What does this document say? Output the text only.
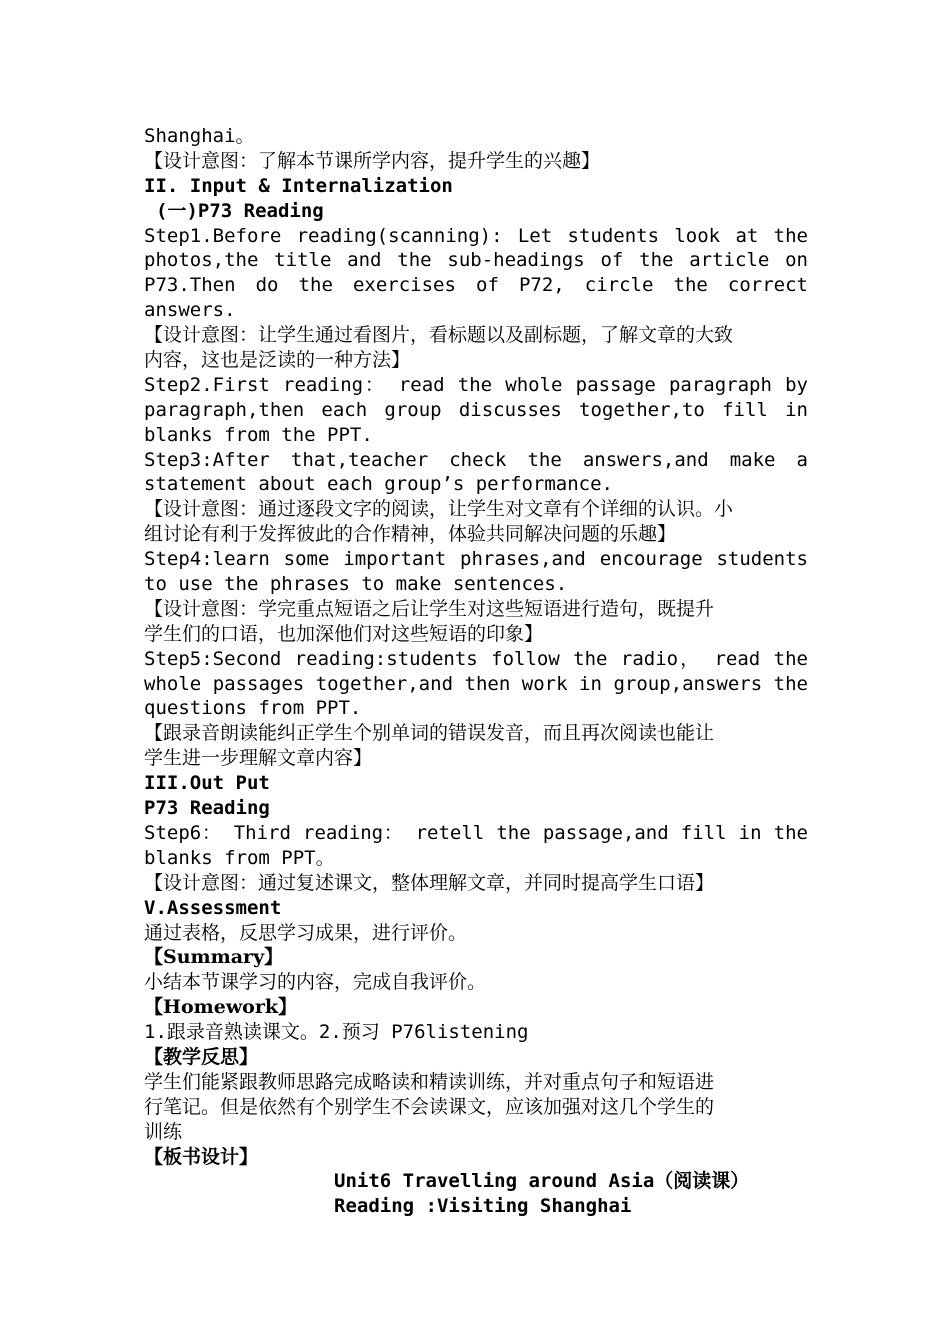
Shanghai。
【设计意图：了解本节课所学内容，提升学生的兴趣】
II. Input & Internalization
(一)P73 Reading
Step1.Before reading(scanning): Let students look at the
photos,the title and the sub-headings of the article on
P73.Then do the exercises of P72, circle the correct
answers.
【设计意图：让学生通过看图片，看标题以及副标题，了解文章的大致
内容，这也是泛读的一种方法】
Step2.First reading： read the whole passage paragraph by
paragraph,then each group discusses together,to fill in
blanks from the PPT.
Step3:After that,teacher check the answers,and make a
statement about each group’s performance.
【设计意图：通过逐段文字的阅读，让学生对文章有个详细的认识。小
组讨论有利于发挥彼此的合作精神，体验共同解决问题的乐趣】
Step4:learn some important phrases,and encourage students
to use the phrases to make sentences.
【设计意图：学完重点短语之后让学生对这些短语进行造句，既提升
学生们的口语，也加深他们对这些短语的印象】
Step5:Second reading:students follow the radio， read the
whole passages together,and then work in group,answers the
questions from PPT.
【跟录音朗读能纠正学生个别单词的错误发音，而且再次阅读也能让
学生进一步理解文章内容】
III.Out Put
P73 Reading
Step6： Third reading： retell the passage,and fill in the
blanks from PPT。
【设计意图：通过复述课文，整体理解文章，并同时提高学生口语】
V.Assessment
通过表格，反思学习成果，进行评价。
【Summary】
小结本节课学习的内容，完成自我评价。
【Homework】
1.跟录音熟读课文。2.预习 P76listening
【教学反思】
学生们能紧跟教师思路完成略读和精读训练，并对重点句子和短语进
行笔记。但是依然有个别学生不会读课文，应该加强对这几个学生的
训练
【板书设计】
Unit6 Travelling around Asia（阅读课）
Reading :Visiting Shanghai
